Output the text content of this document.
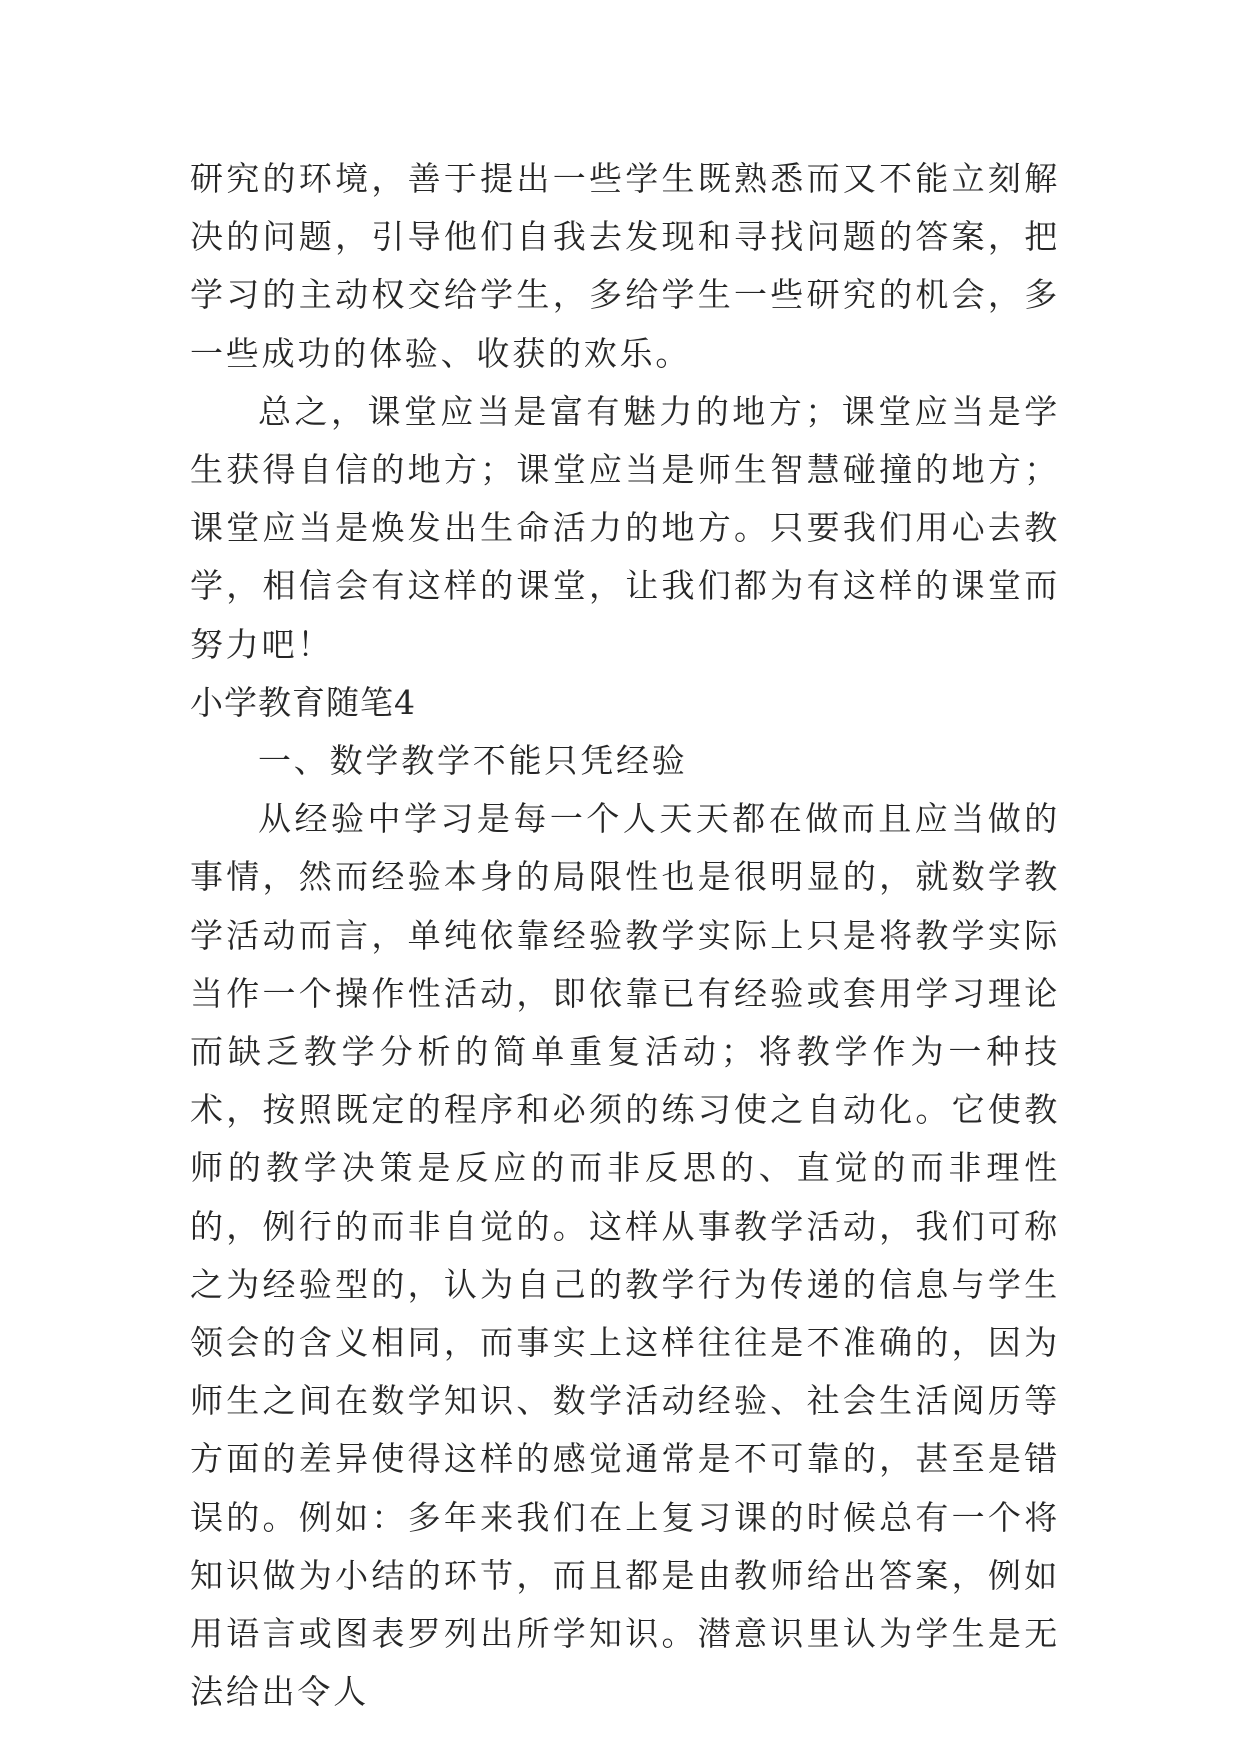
研究的环境，善于提出一些学生既熟悉而又不能立刻解决的问题，引导他们自我去发现和寻找问题的答案，把学习的主动权交给学生，多给学生一些研究的机会，多一些成功的体验、收获的欢乐。

总之，课堂应当是富有魅力的地方；课堂应当是学生获得自信的地方；课堂应当是师生智慧碰撞的地方；课堂应当是焕发出生命活力的地方。只要我们用心去教学，相信会有这样的课堂，让我们都为有这样的课堂而努力吧！

小学教育随笔4

一、数学教学不能只凭经验

从经验中学习是每一个人天天都在做而且应当做的事情，然而经验本身的局限性也是很明显的，就数学教学活动而言，单纯依靠经验教学实际上只是将教学实际当作一个操作性活动，即依靠已有经验或套用学习理论而缺乏教学分析的简单重复活动；将教学作为一种技术，按照既定的程序和必须的练习使之自动化。它使教师的教学决策是反应的而非反思的、直觉的而非理性的，例行的而非自觉的。这样从事教学活动，我们可称之为经验型的，认为自己的教学行为传递的信息与学生领会的含义相同，而事实上这样往往是不准确的，因为师生之间在数学知识、数学活动经验、社会生活阅历等方面的差异使得这样的感觉通常是不可靠的，甚至是错误的。例如：多年来我们在上复习课的时候总有一个将知识做为小结的环节，而且都是由教师给出答案，例如用语言或图表罗列出所学知识。潜意识里认为学生是无法给出令人
